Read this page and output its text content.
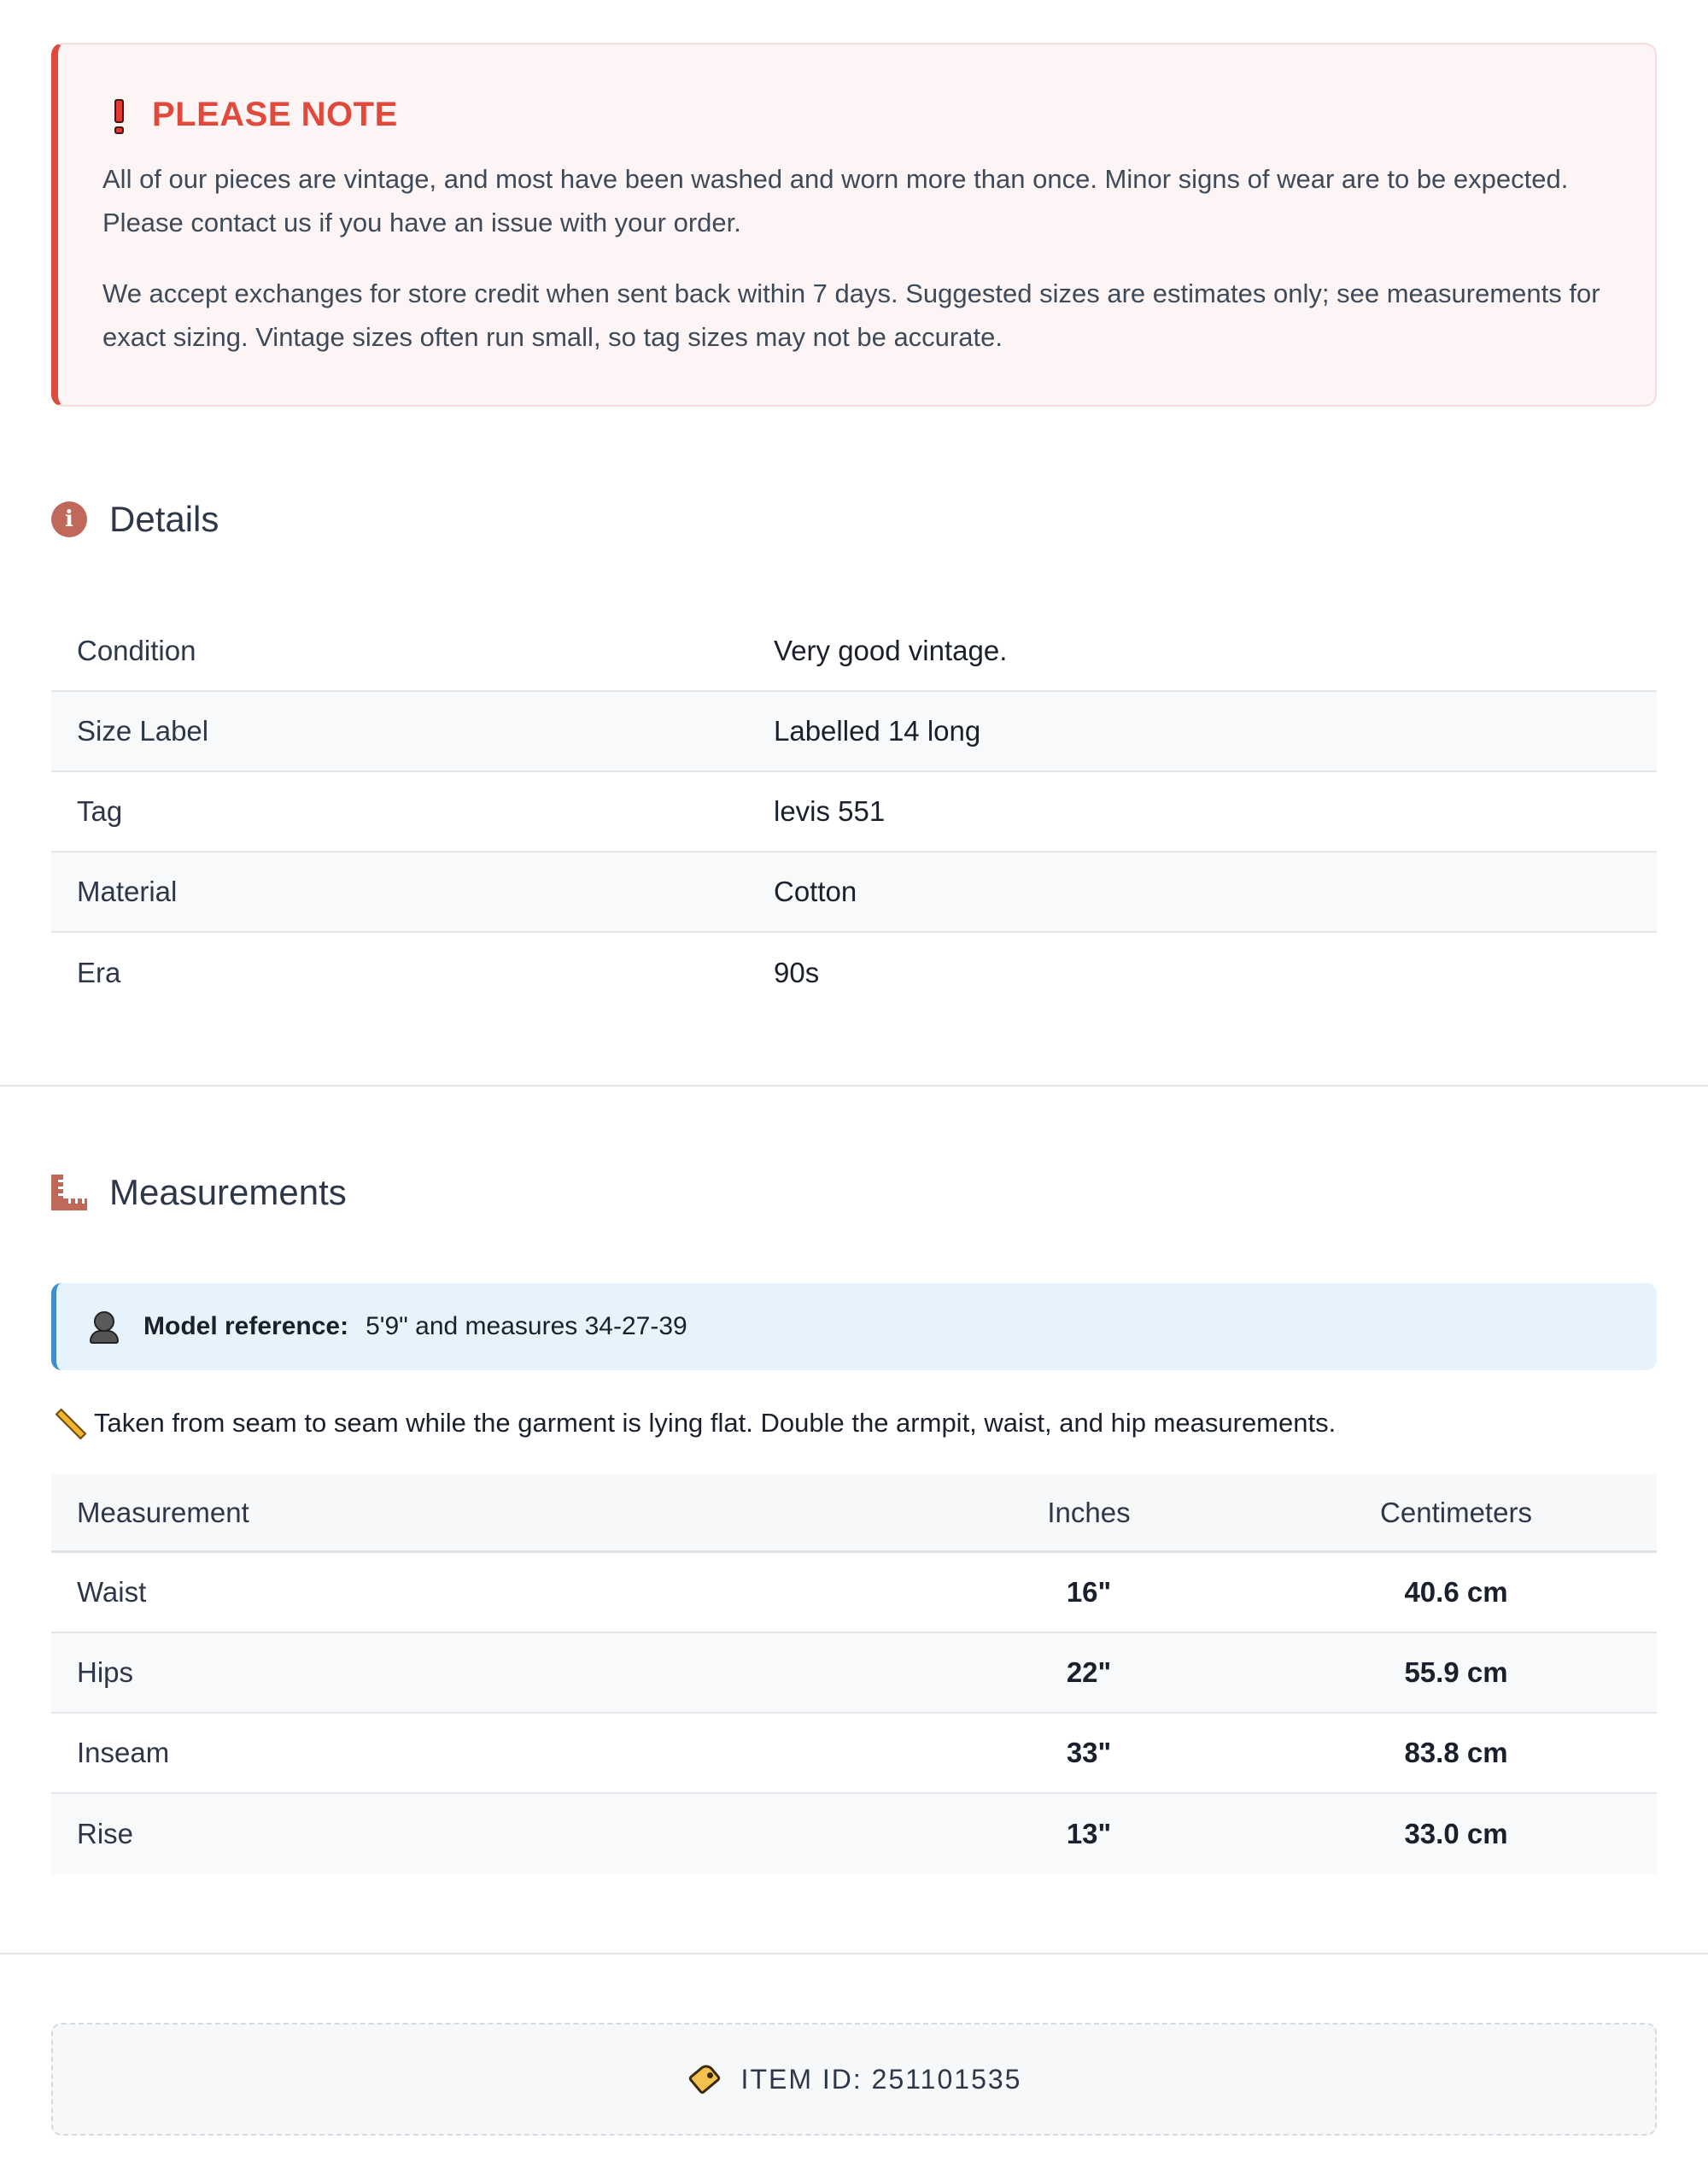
PLEASE NOTE

All of our pieces are vintage, and most have been washed and worn more than once. Minor signs of wear are to be expected. Please contact us if you have an issue with your order.

We accept exchanges for store credit when sent back within 7 days. Suggested sizes are estimates only; see measurements for exact sizing. Vintage sizes often run small, so tag sizes may not be accurate.

i	Details
Condition	Very good vintage.
Size Label	Labelled 14 long
Tag	levis 551
Material	Cotton
Era	90s
Measurements
Model reference: 5'9" and measures 34-27-39
Taken from seam to seam while the garment is lying flat. Double the armpit, waist, and hip measurements.
Measurement	Inches	Centimeters
Waist	16"	40.6 cm
Hips	22"	55.9 cm
Inseam	33"	83.8 cm
Rise	13"	33.0 cm
ITEM ID: 251101535
